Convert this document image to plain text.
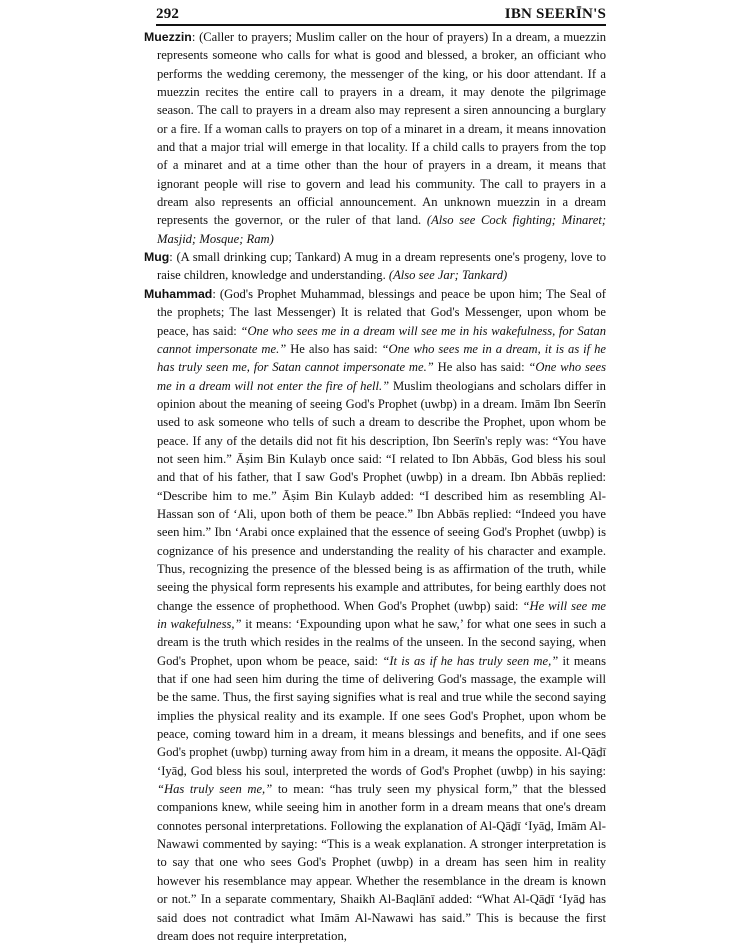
292	IBN SEERĪN'S

Muezzin: (Caller to prayers; Muslim caller on the hour of prayers) In a dream, a muezzin represents someone who calls for what is good and blessed, a broker, an officiant who performs the wedding ceremony, the messenger of the king, or his door attendant. If a muezzin recites the entire call to prayers in a dream, it may denote the pilgrimage season. The call to prayers in a dream also may represent a siren announcing a burglary or a fire. If a woman calls to prayers on top of a minaret in a dream, it means innovation and that a major trial will emerge in that locality. If a child calls to prayers from the top of a minaret and at a time other than the hour of prayers in a dream, it means that ignorant people will rise to govern and lead his community. The call to prayers in a dream also represents an official announcement. An unknown muezzin in a dream represents the governor, or the ruler of that land. (Also see Cock fighting; Minaret; Masjid; Mosque; Ram)

Mug: (A small drinking cup; Tankard) A mug in a dream represents one's progeny, love to raise children, knowledge and understanding. (Also see Jar; Tankard)

Muhammad: (God's Prophet Muhammad, blessings and peace be upon him; The Seal of the prophets; The last Messenger) It is related that God's Messenger, upon whom be peace, has said: “One who sees me in a dream will see me in his wakefulness, for Satan cannot impersonate me.” He also has said: “One who sees me in a dream, it is as if he has truly seen me, for Satan cannot impersonate me.” He also has said: “One who sees me in a dream will not enter the fire of hell.” Muslim theologians and scholars differ in opinion about the meaning of seeing God's Prophet (uwbp) in a dream. Imām Ibn Seerīn used to ask someone who tells of such a dream to describe the Prophet, upon whom be peace. If any of the details did not fit his description, Ibn Seerīn's reply was: “You have not seen him.” Āṣim Bin Kulayb once said: “I related to Ibn Abbās, God bless his soul and that of his father, that I saw God's Prophet (uwbp) in a dream. Ibn Abbās replied: “Describe him to me.” Āṣim Bin Kulayb added: “I described him as resembling Al-Hassan son of ‘Ali, upon both of them be peace.” Ibn Abbās replied: “Indeed you have seen him.” Ibn ‘Arabi once explained that the essence of seeing God's Prophet (uwbp) is cognizance of his presence and understanding the reality of his character and example. Thus, recognizing the presence of the blessed being is as affirmation of the truth, while seeing the physical form represents his example and attributes, for being earthly does not change the essence of prophethood. When God's Prophet (uwbp) said: “He will see me in wakefulness,” it means: ‘Expounding upon what he saw,’ for what one sees in such a dream is the truth which resides in the realms of the unseen. In the second saying, when God's Prophet, upon whom be peace, said: “It is as if he has truly seen me,” it means that if one had seen him during the time of delivering God's massage, the example will be the same. Thus, the first saying signifies what is real and true while the second saying implies the physical reality and its example. If one sees God's Prophet, upon whom be peace, coming toward him in a dream, it means blessings and benefits, and if one sees God's prophet (uwbp) turning away from him in a dream, it means the opposite. Al-Qāḏī ‘Iyāḏ, God bless his soul, interpreted the words of God's Prophet (uwbp) in his saying: “Has truly seen me,” to mean: “has truly seen my physical form,” that the blessed companions knew, while seeing him in another form in a dream means that one's dream connotes personal interpretations. Following the explanation of Al-Qāḏī ‘Iyāḏ, Imām Al-Nawawi commented by saying: “This is a weak explanation. A stronger interpretation is to say that one who sees God's Prophet (uwbp) in a dream has seen him in reality however his resemblance may appear. Whether the resemblance in the dream is known or not.” In a separate commentary, Shaikh Al-Baqlānī added: “What Al-Qāḏī ‘Iyāḏ has said does not contradict what Imām Al-Nawawi has said.” This is because the first dream does not require interpretation,
